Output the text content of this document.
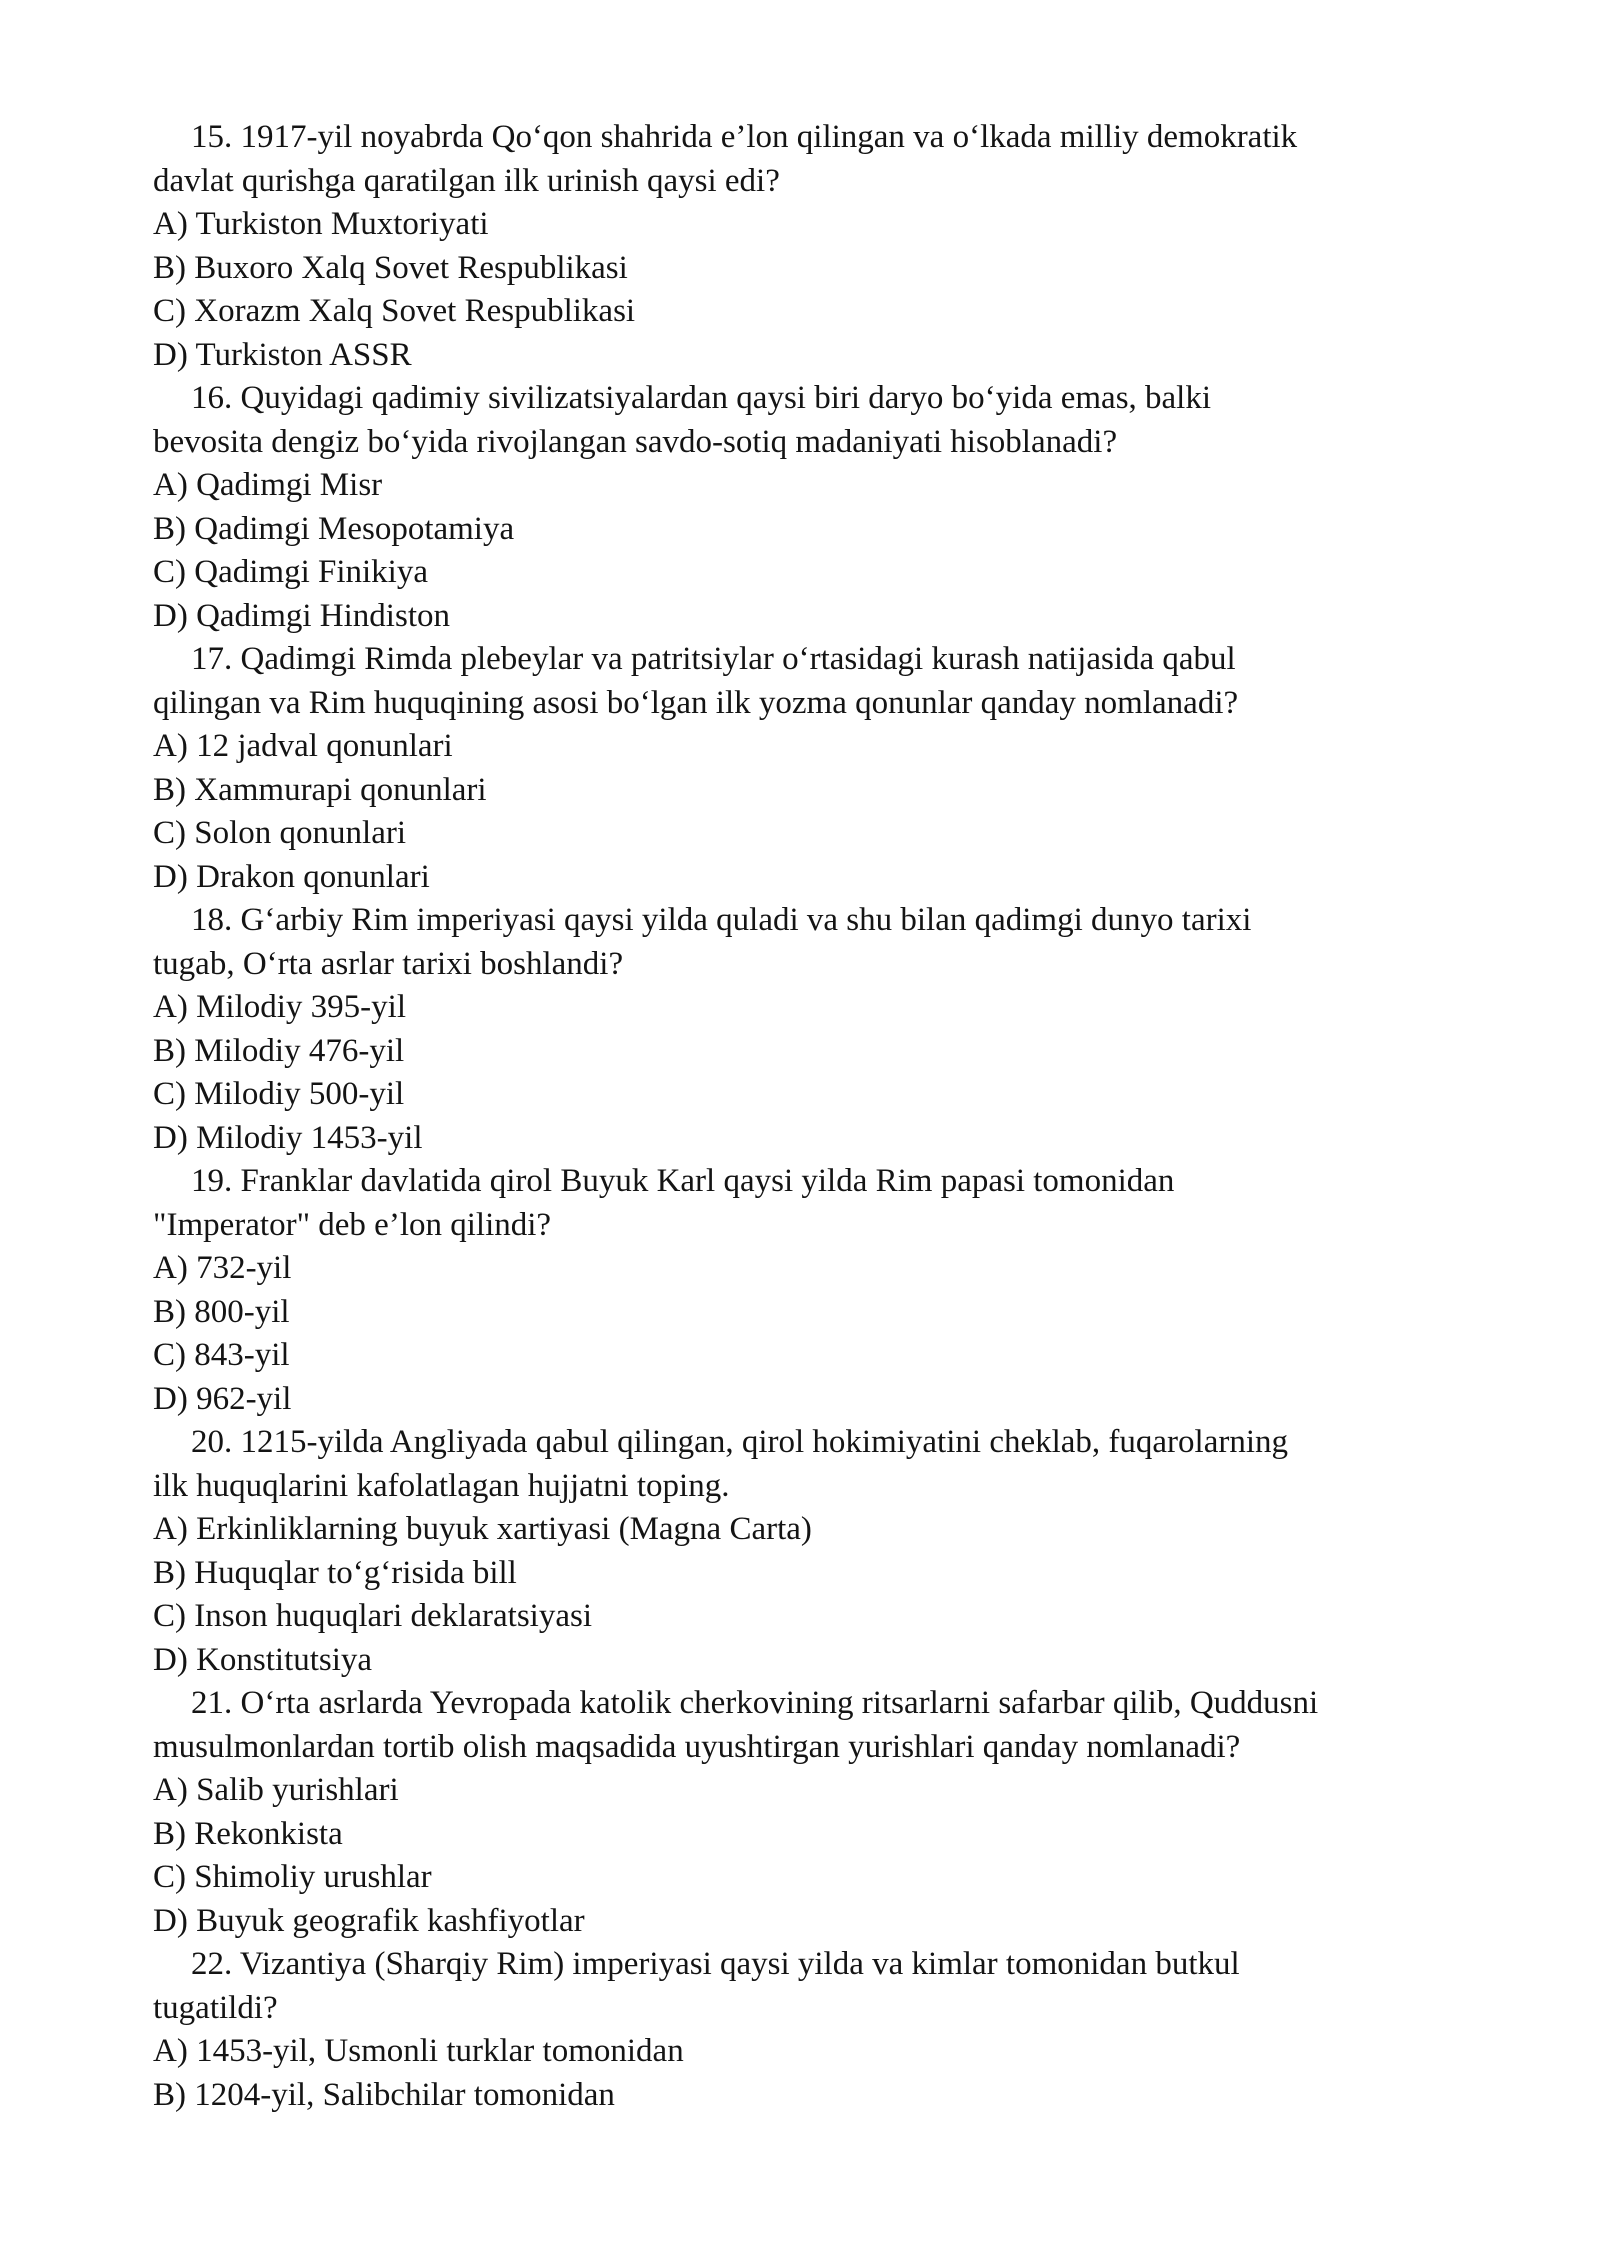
15. 1917-yil noyabrda Qo‘qon shahrida e’lon qilingan va o‘lkada milliy demokratik
davlat qurishga qaratilgan ilk urinish qaysi edi?
A) Turkiston Muxtoriyati
B) Buxoro Xalq Sovet Respublikasi
C) Xorazm Xalq Sovet Respublikasi
D) Turkiston ASSR
16. Quyidagi qadimiy sivilizatsiyalardan qaysi biri daryo bo‘yida emas, balki
bevosita dengiz bo‘yida rivojlangan savdo-sotiq madaniyati hisoblanadi?
A) Qadimgi Misr
B) Qadimgi Mesopotamiya
C) Qadimgi Finikiya
D) Qadimgi Hindiston
17. Qadimgi Rimda plebeylar va patritsiylar o‘rtasidagi kurash natijasida qabul
qilingan va Rim huquqining asosi bo‘lgan ilk yozma qonunlar qanday nomlanadi?
A) 12 jadval qonunlari
B) Xammurapi qonunlari
C) Solon qonunlari
D) Drakon qonunlari
18. G‘arbiy Rim imperiyasi qaysi yilda quladi va shu bilan qadimgi dunyo tarixi
tugab, O‘rta asrlar tarixi boshlandi?
A) Milodiy 395-yil
B) Milodiy 476-yil
C) Milodiy 500-yil
D) Milodiy 1453-yil
19. Franklar davlatida qirol Buyuk Karl qaysi yilda Rim papasi tomonidan
"Imperator" deb e’lon qilindi?
A) 732-yil
B) 800-yil
C) 843-yil
D) 962-yil
20. 1215-yilda Angliyada qabul qilingan, qirol hokimiyatini cheklab, fuqarolarning
ilk huquqlarini kafolatlagan hujjatni toping.
A) Erkinliklarning buyuk xartiyasi (Magna Carta)
B) Huquqlar to‘g‘risida bill
C) Inson huquqlari deklaratsiyasi
D) Konstitutsiya
21. O‘rta asrlarda Yevropada katolik cherkovining ritsarlarni safarbar qilib, Quddusni
musulmonlardan tortib olish maqsadida uyushtirgan yurishlari qanday nomlanadi?
A) Salib yurishlari
B) Rekonkista
C) Shimoliy urushlar
D) Buyuk geografik kashfiyotlar
22. Vizantiya (Sharqiy Rim) imperiyasi qaysi yilda va kimlar tomonidan butkul
tugatildi?
A) 1453-yil, Usmonli turklar tomonidan
B) 1204-yil, Salibchilar tomonidan
